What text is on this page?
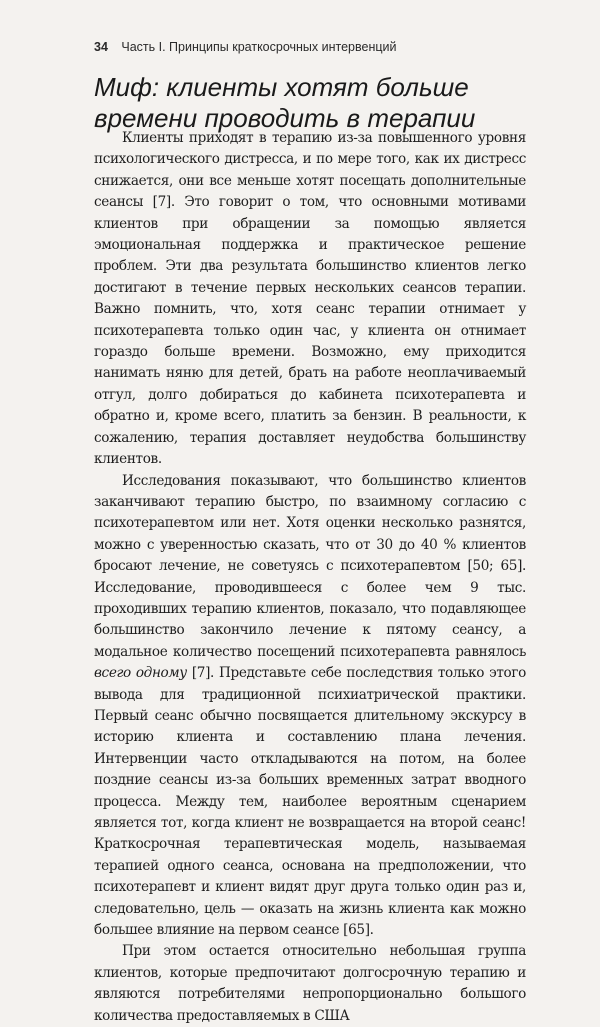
34 Часть I. Принципы краткосрочных интервенций
Миф: клиенты хотят больше времени проводить в терапии

Клиенты приходят в терапию из-за повышенного уровня психологического дистресса, и по мере того, как их дистресс снижается, они все меньше хотят посещать дополнительные сеансы [7]. Это говорит о том, что основными мотивами клиентов при обращении за помощью является эмоциональная поддержка и практическое решение проблем. Эти два результата большинство клиентов легко достигают в течение первых нескольких сеансов терапии. Важно помнить, что, хотя сеанс терапии отнимает у психотерапевта только один час, у клиента он отнимает гораздо больше времени. Возможно, ему приходится нанимать няню для детей, брать на работе неоплачиваемый отгул, долго добираться до кабинета психотерапевта и обратно и, кроме всего, платить за бензин. В реальности, к сожалению, терапия доставляет неудобства большинству клиентов.

Исследования показывают, что большинство клиентов заканчивают терапию быстро, по взаимному согласию с психотерапевтом или нет. Хотя оценки несколько разнятся, можно с уверенностью сказать, что от 30 до 40 % клиентов бросают лечение, не советуясь с психотерапевтом [50; 65]. Исследование, проводившееся с более чем 9 тыс. проходивших терапию клиентов, показало, что подавляющее большинство закончило лечение к пятому сеансу, а модальное количество посещений психотерапевта равнялось всего одному [7]. Представьте себе последствия только этого вывода для традиционной психиатрической практики. Первый сеанс обычно посвящается длительному экскурсу в историю клиента и составлению плана лечения. Интервенции часто откладываются на потом, на более поздние сеансы из-за больших временных затрат вводного процесса. Между тем, наиболее вероятным сценарием является тот, когда клиент не возвращается на второй сеанс! Краткосрочная терапевтическая модель, называемая терапией одного сеанса, основана на предположении, что психотерапевт и клиент видят друг друга только один раз и, следовательно, цель — оказать на жизнь клиента как можно большее влияние на первом сеансе [65].

При этом остается относительно небольшая группа клиентов, которые предпочитают долгосрочную терапию и являются потребителями непропорционально большого количества предоставляемых в США
